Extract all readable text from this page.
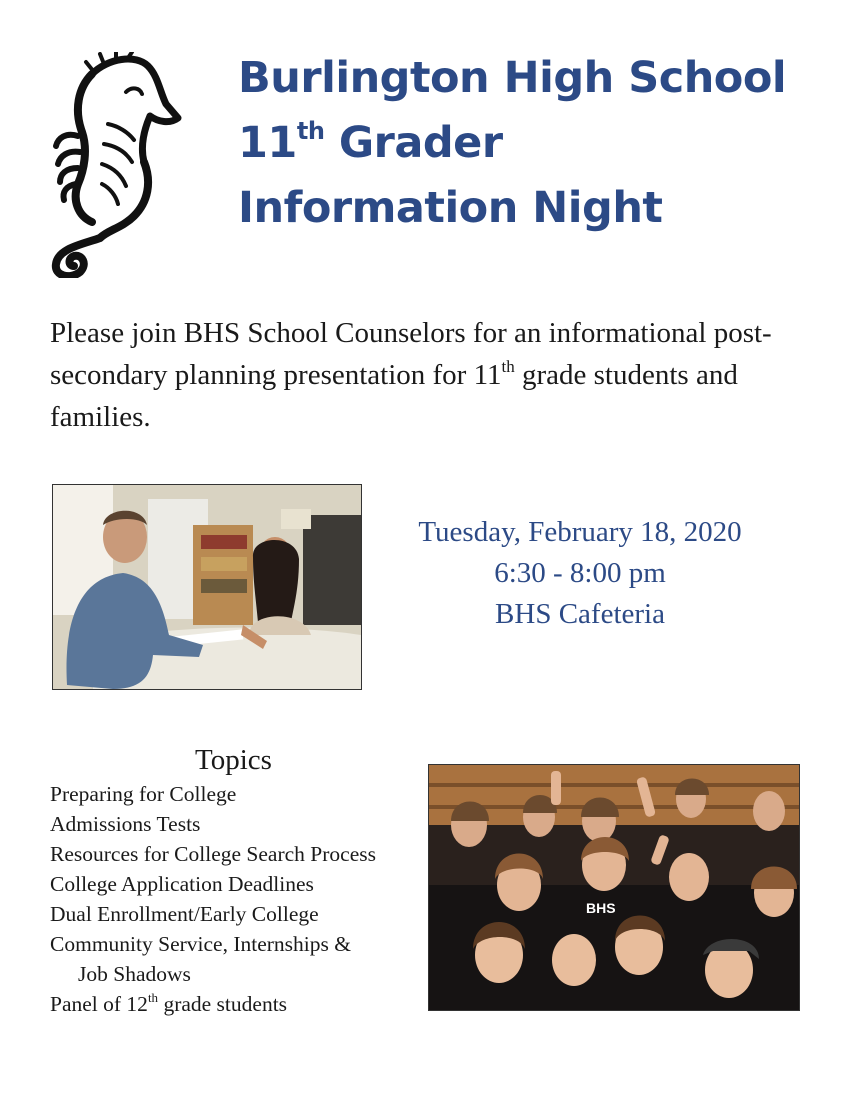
Burlington High School
11th Grader
Information Night

Please join BHS School Counselors for an informational post-secondary planning presentation for 11th grade students and families.

Tuesday, February 18, 2020
6:30 - 8:00 pm
BHS Cafeteria
Topics
Preparing for College
Admissions Tests
Resources for College Search Process
College Application Deadlines
Dual Enrollment/Early College
Community Service, Internships &
Job Shadows
Panel of 12th grade students
BHS
